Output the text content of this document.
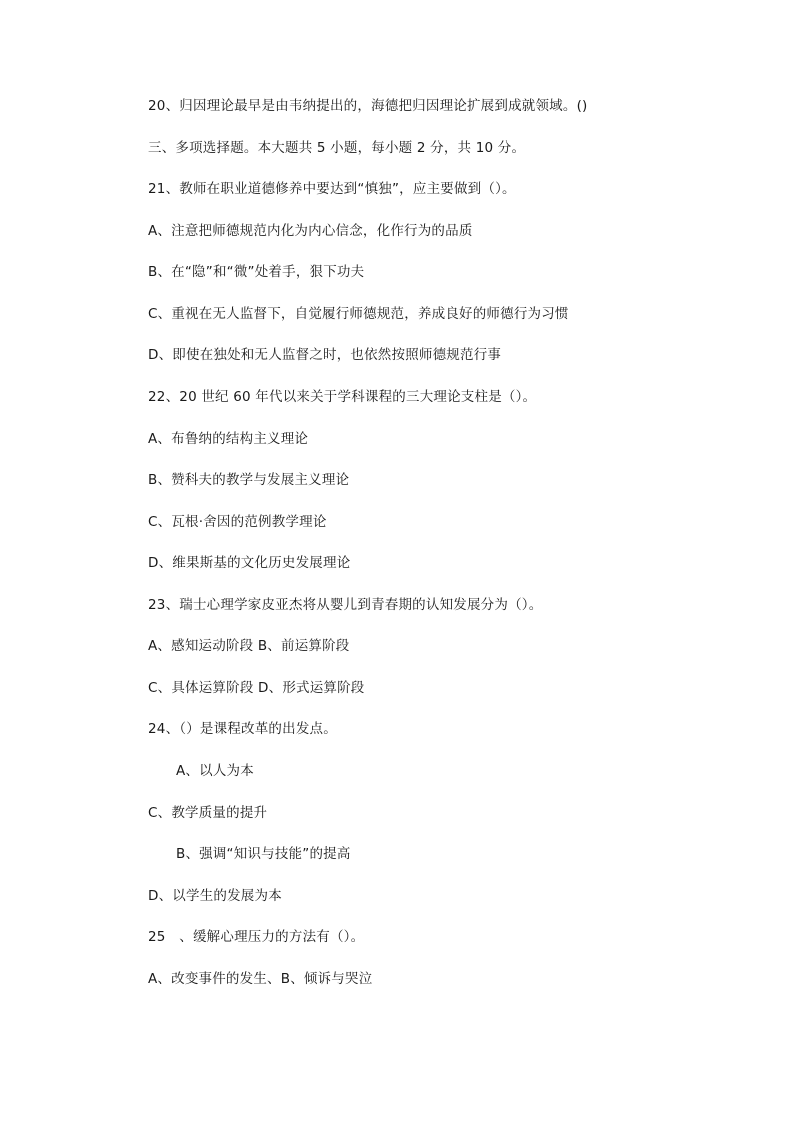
20、归因理论最早是由韦纳提出的，海德把归因理论扩展到成就领域。()
三、多项选择题。本大题共 5 小题，每小题 2 分，共 10 分。
21、教师在职业道德修养中要达到“慎独”，应主要做到（）。
A、注意把师德规范内化为内心信念，化作行为的品质
B、在“隐”和“微”处着手，狠下功夫
C、重视在无人监督下，自觉履行师德规范，养成良好的师德行为习惯
D、即使在独处和无人监督之时，也依然按照师德规范行事
22、20 世纪 60 年代以来关于学科课程的三大理论支柱是（）。
A、布鲁纳的结构主义理论
B、赞科夫的教学与发展主义理论
C、瓦根·舍因的范例教学理论
D、维果斯基的文化历史发展理论
23、瑞士心理学家皮亚杰将从婴儿到青春期的认知发展分为（）。
A、感知运动阶段 B、前运算阶段
C、具体运算阶段 D、形式运算阶段
24、（）是课程改革的出发点。
A、以人为本
C、教学质量的提升
B、强调“知识与技能”的提高
D、以学生的发展为本
25　、缓解心理压力的方法有（）。
A、改变事件的发生、B、倾诉与哭泣
